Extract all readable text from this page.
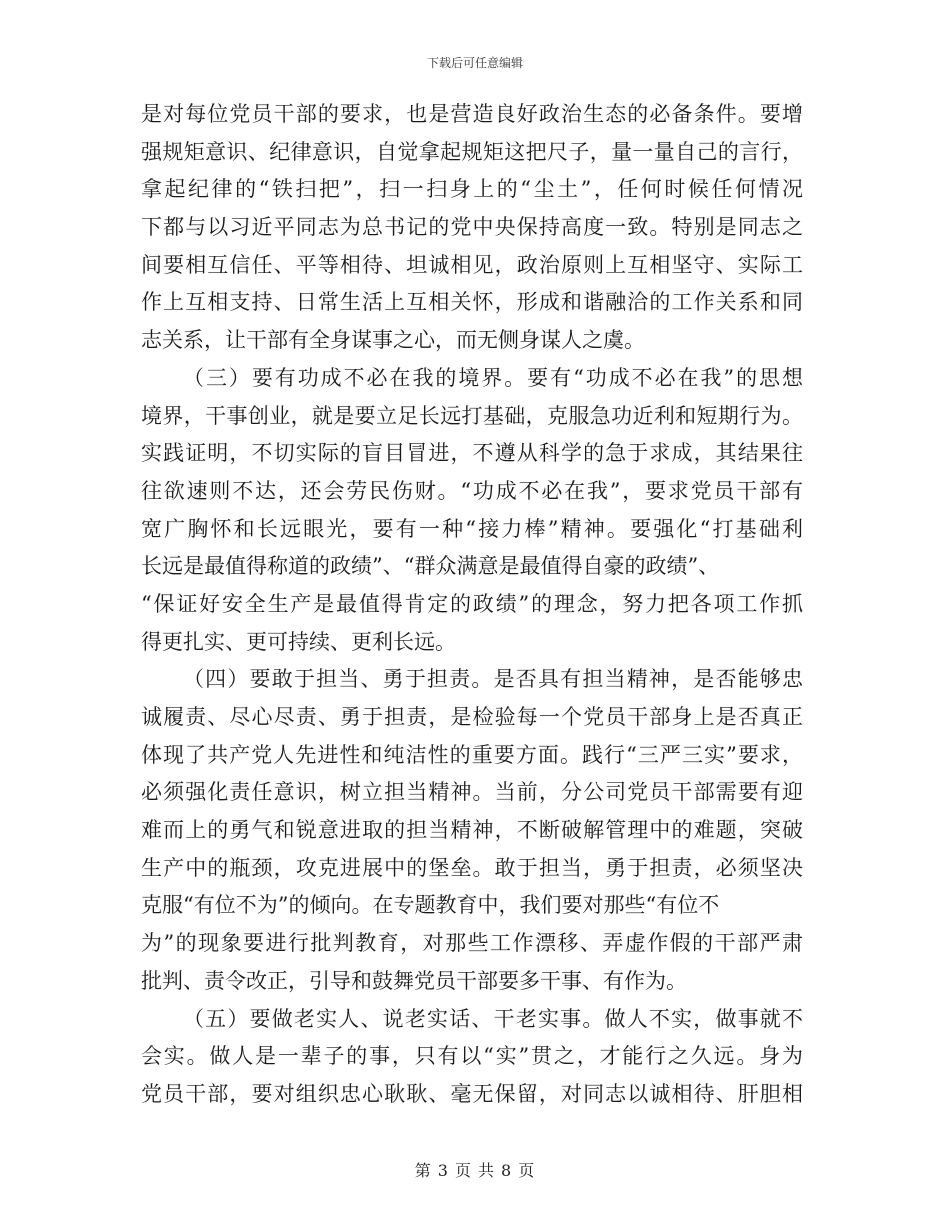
下载后可任意编辑
是对每位党员干部的要求，也是营造良好政治生态的必备条件。要增
强规矩意识、纪律意识，自觉拿起规矩这把尺子，量一量自己的言行，
拿起纪律的“铁扫把”，扫一扫身上的“尘土”，任何时候任何情况
下都与以习近平同志为总书记的党中央保持高度一致。特别是同志之
间要相互信任、平等相待、坦诚相见，政治原则上互相坚守、实际工
作上互相支持、日常生活上互相关怀，形成和谐融洽的工作关系和同
志关系，让干部有全身谋事之心，而无侧身谋人之虞。
（三）要有功成不必在我的境界。要有“功成不必在我”的思想
境界，干事创业，就是要立足长远打基础，克服急功近利和短期行为。
实践证明，不切实际的盲目冒进，不遵从科学的急于求成，其结果往
往欲速则不达，还会劳民伤财。“功成不必在我”，要求党员干部有
宽广胸怀和长远眼光，要有一种“接力棒”精神。要强化“打基础利
长远是最值得称道的政绩”、“群众满意是最值得自豪的政绩”、
“保证好安全生产是最值得肯定的政绩”的理念，努力把各项工作抓
得更扎实、更可持续、更利长远。
（四）要敢于担当、勇于担责。是否具有担当精神，是否能够忠
诚履责、尽心尽责、勇于担责，是检验每一个党员干部身上是否真正
体现了共产党人先进性和纯洁性的重要方面。践行“三严三实”要求，
必须强化责任意识，树立担当精神。当前，分公司党员干部需要有迎
难而上的勇气和锐意进取的担当精神，不断破解管理中的难题，突破
生产中的瓶颈，攻克进展中的堡垒。敢于担当，勇于担责，必须坚决
克服“有位不为”的倾向。在专题教育中，我们要对那些“有位不
为”的现象要进行批判教育，对那些工作漂移、弄虚作假的干部严肃
批判、责令改正，引导和鼓舞党员干部要多干事、有作为。
（五）要做老实人、说老实话、干老实事。做人不实，做事就不
会实。做人是一辈子的事，只有以“实”贯之，才能行之久远。身为
党员干部，要对组织忠心耿耿、毫无保留，对同志以诚相待、肝胆相
第 3 页 共 8 页
